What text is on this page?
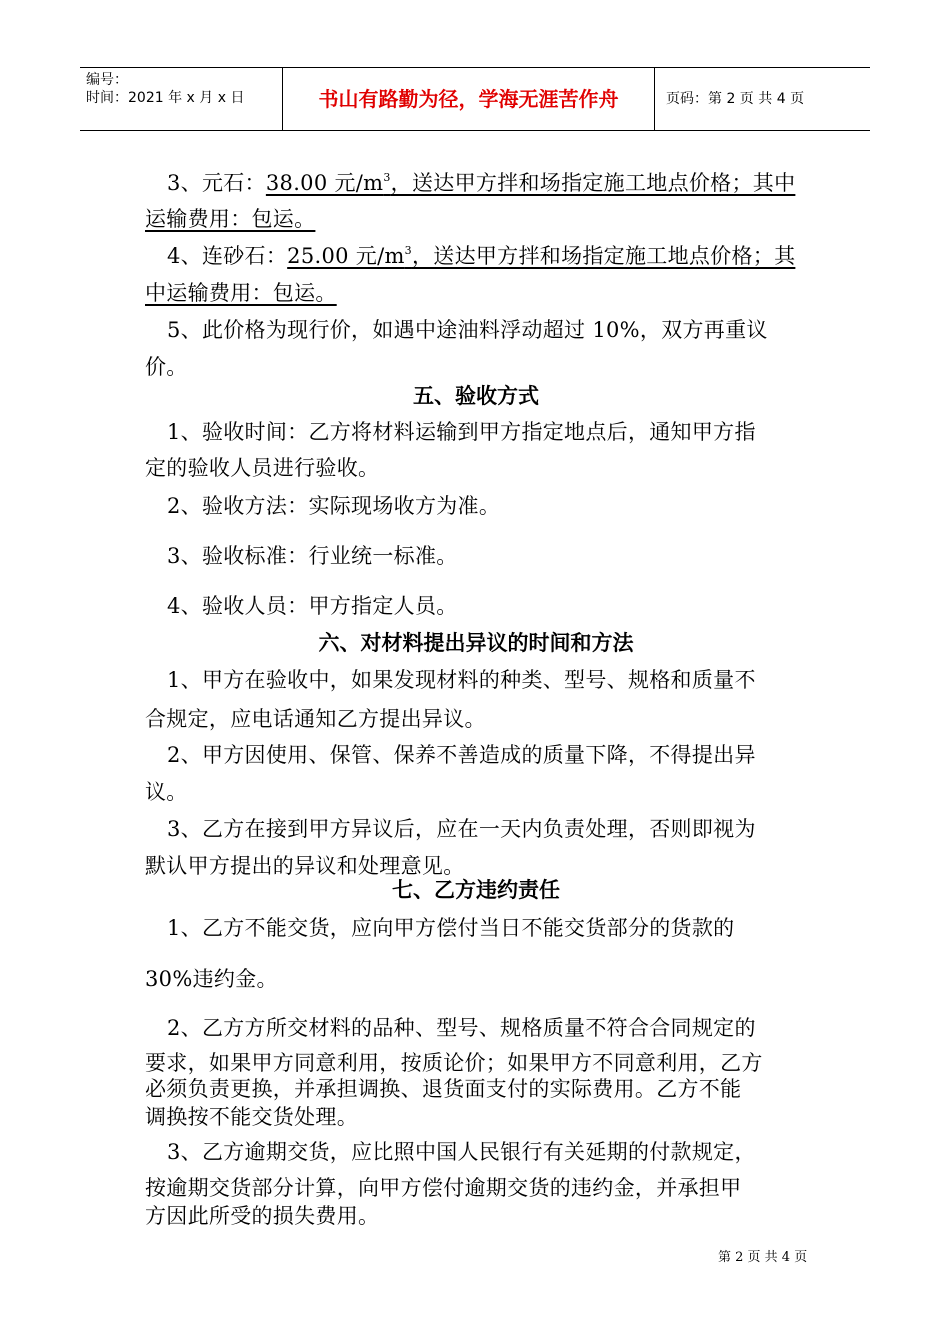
编号：
时间：2021 年 x 月 x 日	书山有路勤为径，学海无涯苦作舟	页码：第 2 页 共 4 页
3、元石：38.00 元$/m^3$，送达甲方拌和场指定施工地点价格；其中
运输费用：包运。
4、连砂石：25.00 元$/m^3$，送达甲方拌和场指定施工地点价格；其
中运输费用：包运。
5、此价格为现行价，如遇中途油料浮动超过 10%，双方再重议
价。
五、验收方式
1、验收时间：乙方将材料运输到甲方指定地点后，通知甲方指
定的验收人员进行验收。
2、验收方法：实际现场收方为准。
3、验收标准：行业统一标准。
4、验收人员：甲方指定人员。
六、对材料提出异议的时间和方法
1、甲方在验收中，如果发现材料的种类、型号、规格和质量不
合规定，应电话通知乙方提出异议。
2、甲方因使用、保管、保养不善造成的质量下降，不得提出异
议。
3、乙方在接到甲方异议后，应在一天内负责处理，否则即视为
默认甲方提出的异议和处理意见。
七、乙方违约责任
1、乙方不能交货，应向甲方偿付当日不能交货部分的货款的
30%违约金。
2、乙方方所交材料的品种、型号、规格质量不符合合同规定的
要求，如果甲方同意利用，按质论价；如果甲方不同意利用，乙方
必须负责更换，并承担调换、退货面支付的实际费用。乙方不能
调换按不能交货处理。
3、乙方逾期交货，应比照中国人民银行有关延期的付款规定，
按逾期交货部分计算，向甲方偿付逾期交货的违约金，并承担甲
方因此所受的损失费用。
第 2 页 共 4 页
